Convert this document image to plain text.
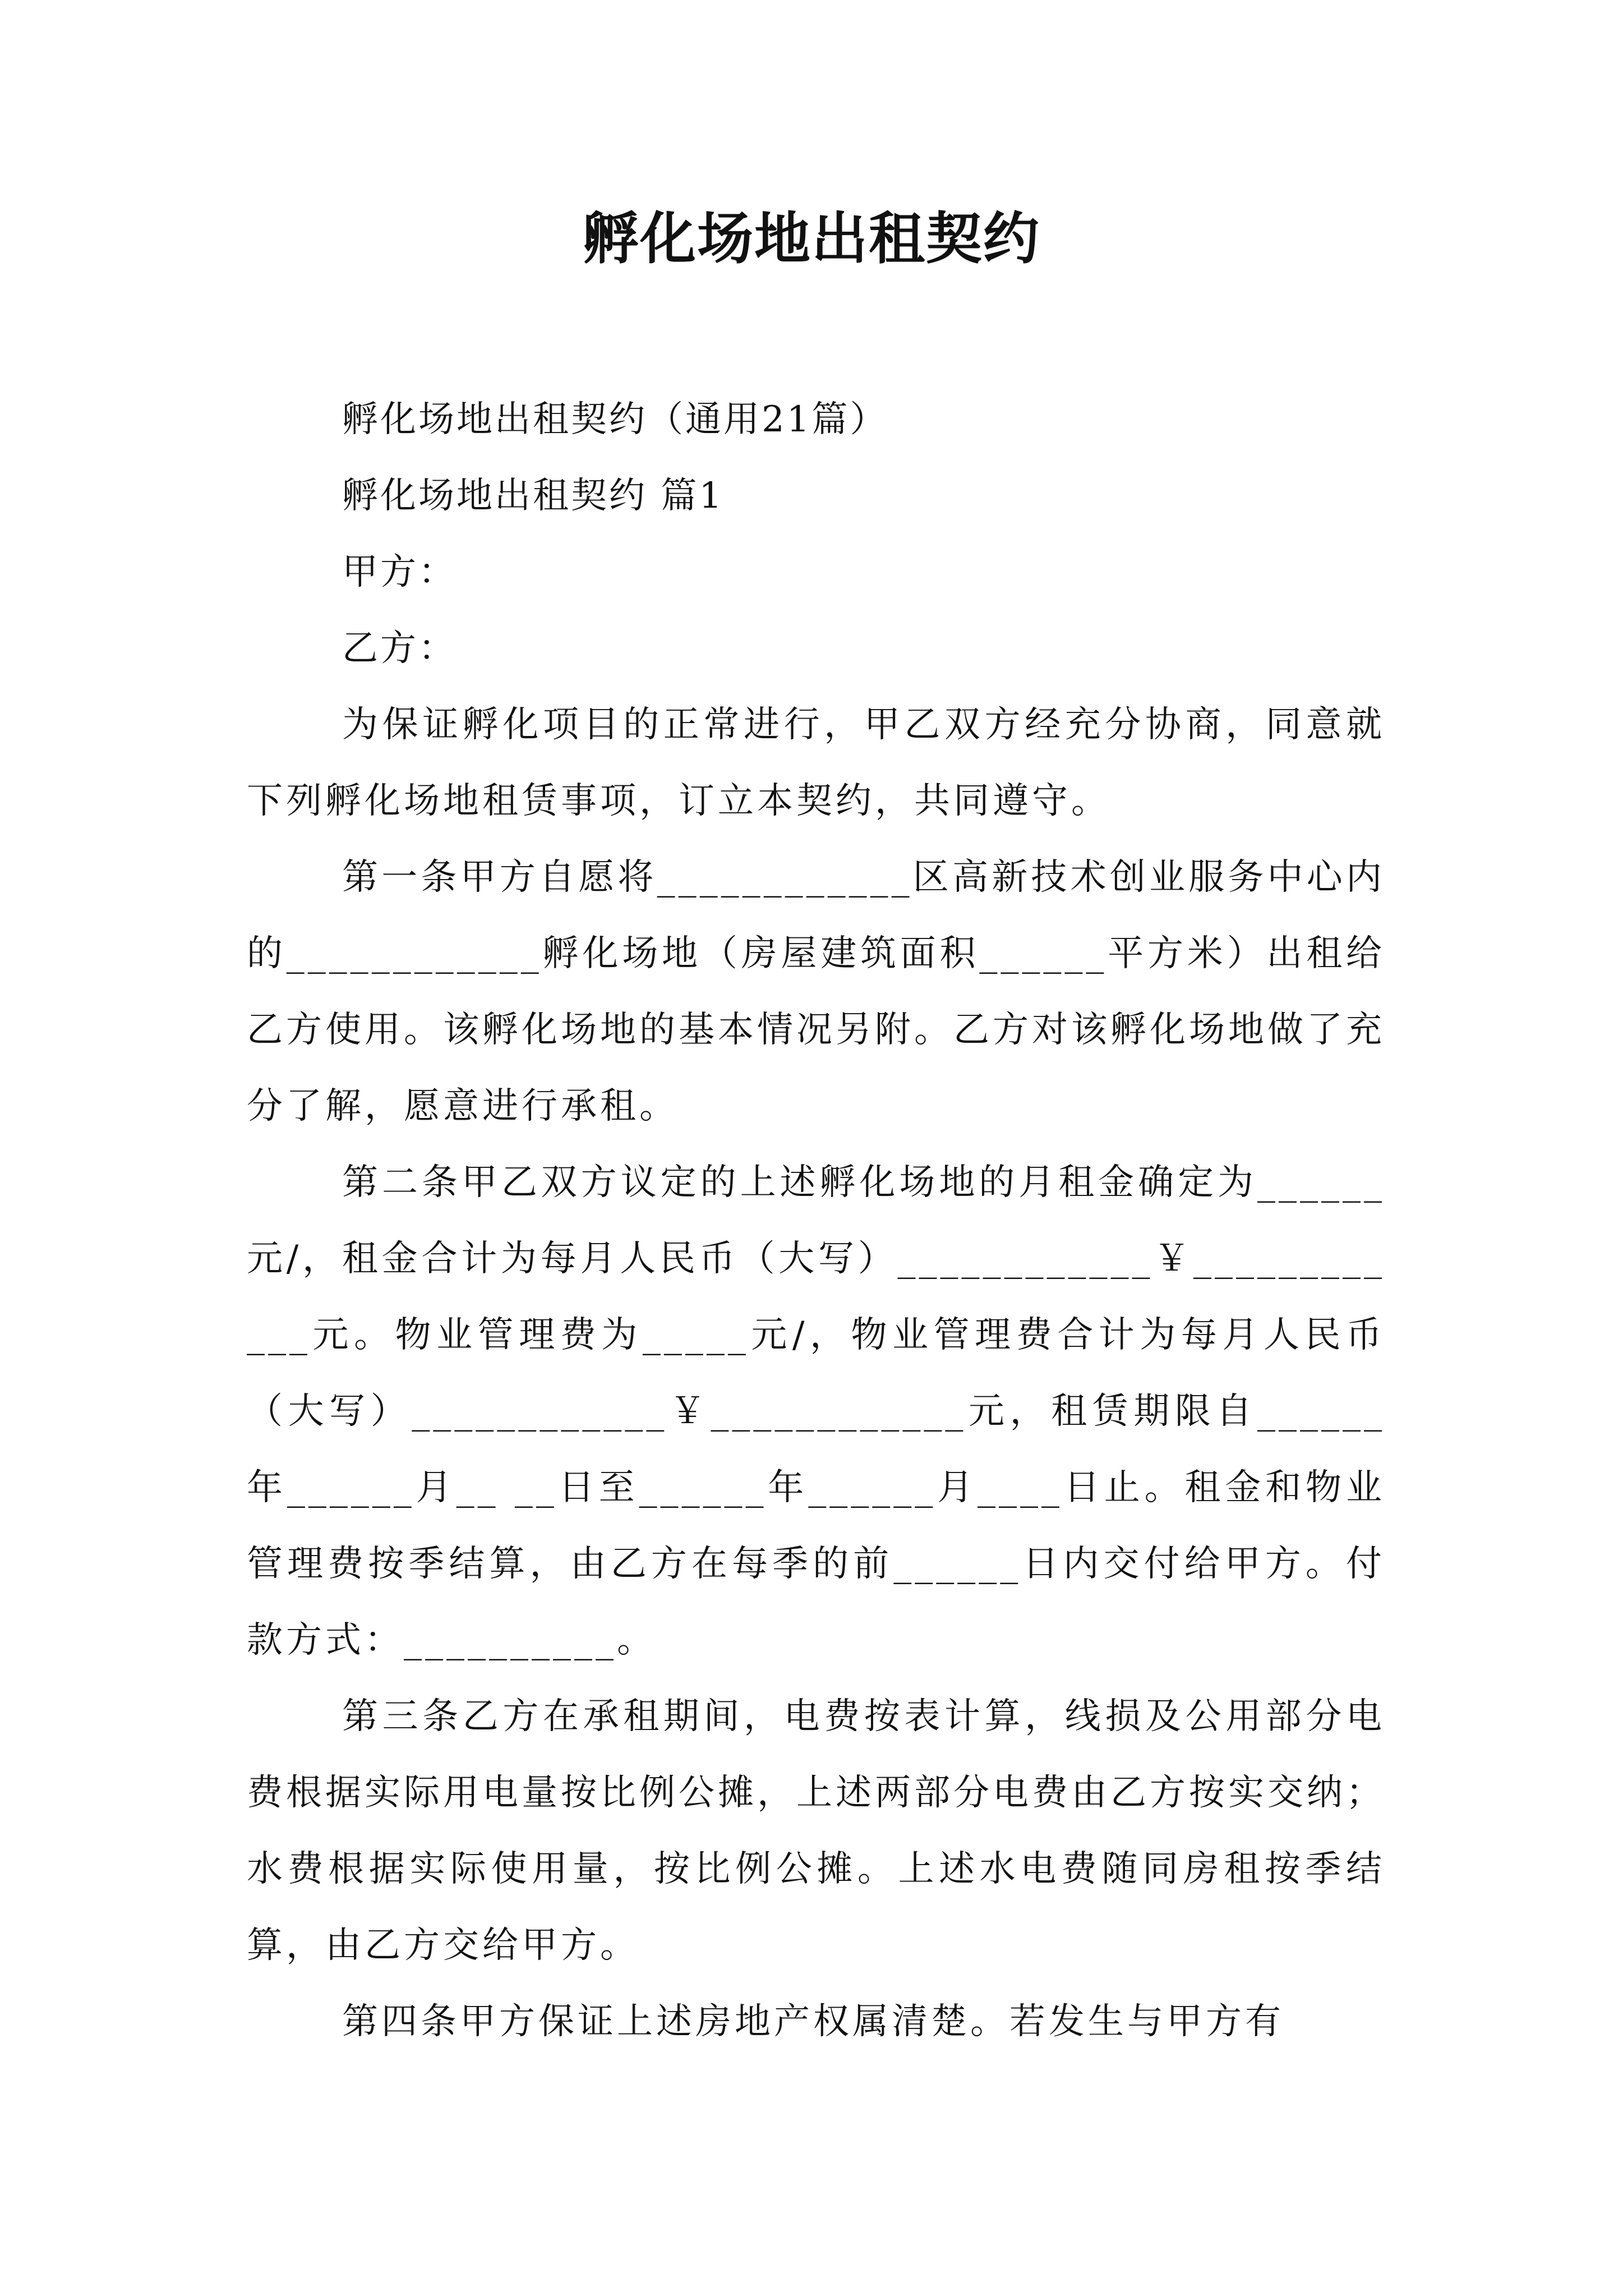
孵化场地出租契约

孵化场地出租契约（通用21篇）

孵化场地出租契约 篇1

甲方：

乙方：

为保证孵化项目的正常进行，甲乙双方经充分协商，同意就下列孵化场地租赁事项，订立本契约，共同遵守。

第一条甲方自愿将____________区高新技术创业服务中心内的____________孵化场地（房屋建筑面积______平方米）出租给乙方使用。该孵化场地的基本情况另附。乙方对该孵化场地做了充分了解，愿意进行承租。

第二条甲乙双方议定的上述孵化场地的月租金确定为______元/，租金合计为每月人民币（大写）____________￥____________元。物业管理费为_____元/，物业管理费合计为每月人民币（大写）____________￥____________元，租赁期限自______年______月__ __日至______年______月____日止。租金和物业管理费按季结算，由乙方在每季的前______日内交付给甲方。付款方式：__________。

第三条乙方在承租期间，电费按表计算，线损及公用部分电费根据实际用电量按比例公摊，上述两部分电费由乙方按实交纳；水费根据实际使用量，按比例公摊。上述水电费随同房租按季结算，由乙方交给甲方。

第四条甲方保证上述房地产权属清楚。若发生与甲方有
